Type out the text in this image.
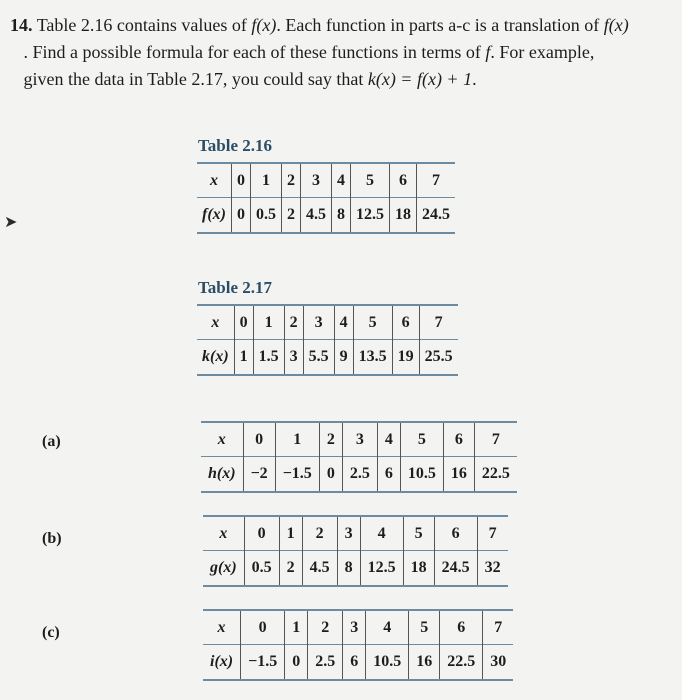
14. Table 2.16 contains values of f(x). Each function in parts a-c is a translation of f(x)
. Find a possible formula for each of these functions in terms of f. For example,
given the data in Table 2.17, you could say that k(x) = f(x) + 1.
➤
Table 2.16
x	0	1	2	3	4	5	6	7
f(x)	0	0.5	2	4.5	8	12.5	18	24.5
Table 2.17
x	0	1	2	3	4	5	6	7
k(x)	1	1.5	3	5.5	9	13.5	19	25.5
(a)	x	0	1	2	3	4	5	6	7
h(x)	−2	−1.5	0	2.5	6	10.5	16	22.5
(b)	x	0	1	2	3	4	5	6	7
g(x)	0.5	2	4.5	8	12.5	18	24.5	32
(c)	x	0	1	2	3	4	5	6	7
i(x)	−1.5	0	2.5	6	10.5	16	22.5	30
